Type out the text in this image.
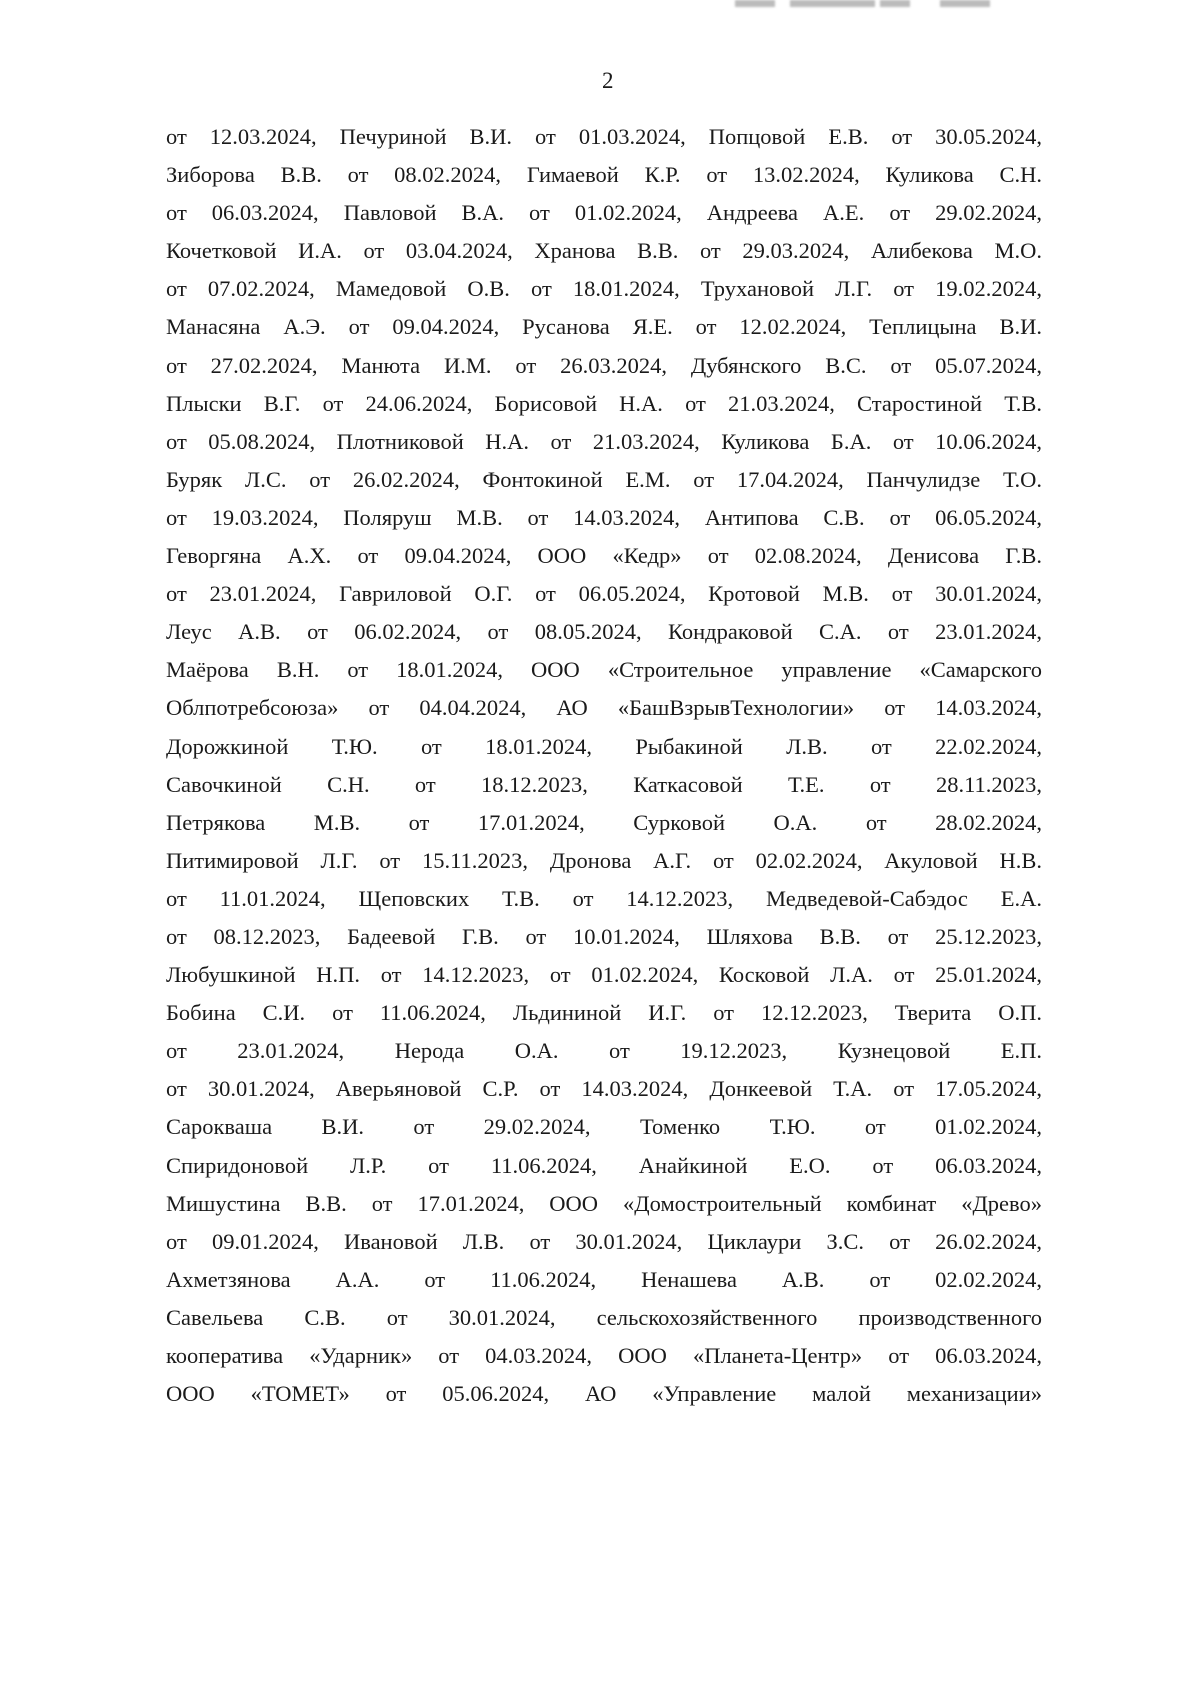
2
от 12.03.2024, Печуриной В.И. от 01.03.2024, Попцовой Е.В. от 30.05.2024,
Зиборова В.В. от 08.02.2024, Гимаевой К.Р. от 13.02.2024, Куликова С.Н.
от 06.03.2024, Павловой В.А. от 01.02.2024, Андреева А.Е. от 29.02.2024,
Кочетковой И.А. от 03.04.2024, Хранова В.В. от 29.03.2024, Алибекова М.О.
от 07.02.2024, Мамедовой О.В. от 18.01.2024, Трухановой Л.Г. от 19.02.2024,
Манасяна А.Э. от 09.04.2024, Русанова Я.Е. от 12.02.2024, Теплицына В.И.
от 27.02.2024, Манюта И.М. от 26.03.2024, Дубянского В.С. от 05.07.2024,
Плыски В.Г. от 24.06.2024, Борисовой Н.А. от 21.03.2024, Старостиной Т.В.
от 05.08.2024, Плотниковой Н.А. от 21.03.2024, Куликова Б.А. от 10.06.2024,
Буряк Л.С. от 26.02.2024, Фонтокиной Е.М. от 17.04.2024, Панчулидзе Т.О.
от 19.03.2024, Поляруш М.В. от 14.03.2024, Антипова С.В. от 06.05.2024,
Геворгяна А.Х. от 09.04.2024, ООО «Кедр» от 02.08.2024, Денисова Г.В.
от 23.01.2024, Гавриловой О.Г. от 06.05.2024, Кротовой М.В. от 30.01.2024,
Леус А.В. от 06.02.2024, от 08.05.2024, Кондраковой С.А. от 23.01.2024,
Маёрова В.Н. от 18.01.2024, ООО «Строительное управление «Самарского
Облпотребсоюза» от 04.04.2024, АО «БашВзрывТехнологии» от 14.03.2024,
Дорожкиной Т.Ю. от 18.01.2024, Рыбакиной Л.В. от 22.02.2024,
Савочкиной С.Н. от 18.12.2023, Каткасовой Т.Е. от 28.11.2023,
Петрякова М.В. от 17.01.2024, Сурковой О.А. от 28.02.2024,
Питимировой Л.Г. от 15.11.2023, Дронова А.Г. от 02.02.2024, Акуловой Н.В.
от 11.01.2024, Щеповских Т.В. от 14.12.2023, Медведевой-Сабэдос Е.А.
от 08.12.2023, Бадеевой Г.В. от 10.01.2024, Шляхова В.В. от 25.12.2023,
Любушкиной Н.П. от 14.12.2023, от 01.02.2024, Косковой Л.А. от 25.01.2024,
Бобина С.И. от 11.06.2024, Льдининой И.Г. от 12.12.2023, Тверита О.П.
от 23.01.2024, Нерода О.А. от 19.12.2023, Кузнецовой Е.П.
от 30.01.2024, Аверьяновой С.Р. от 14.03.2024, Донкеевой Т.А. от 17.05.2024,
Сарокваша В.И. от 29.02.2024, Томенко Т.Ю. от 01.02.2024,
Спиридоновой Л.Р. от 11.06.2024, Анайкиной Е.О. от 06.03.2024,
Мишустина В.В. от 17.01.2024, ООО «Домостроительный комбинат «Древо»
от 09.01.2024, Ивановой Л.В. от 30.01.2024, Циклаури З.С. от 26.02.2024,
Ахметзянова А.А. от 11.06.2024, Ненашева А.В. от 02.02.2024,
Савельева С.В. от 30.01.2024, сельскохозяйственного производственного
кооператива «Ударник» от 04.03.2024, ООО «Планета-Центр» от 06.03.2024,
ООО «ТОМЕТ» от 05.06.2024, АО «Управление малой механизации»
